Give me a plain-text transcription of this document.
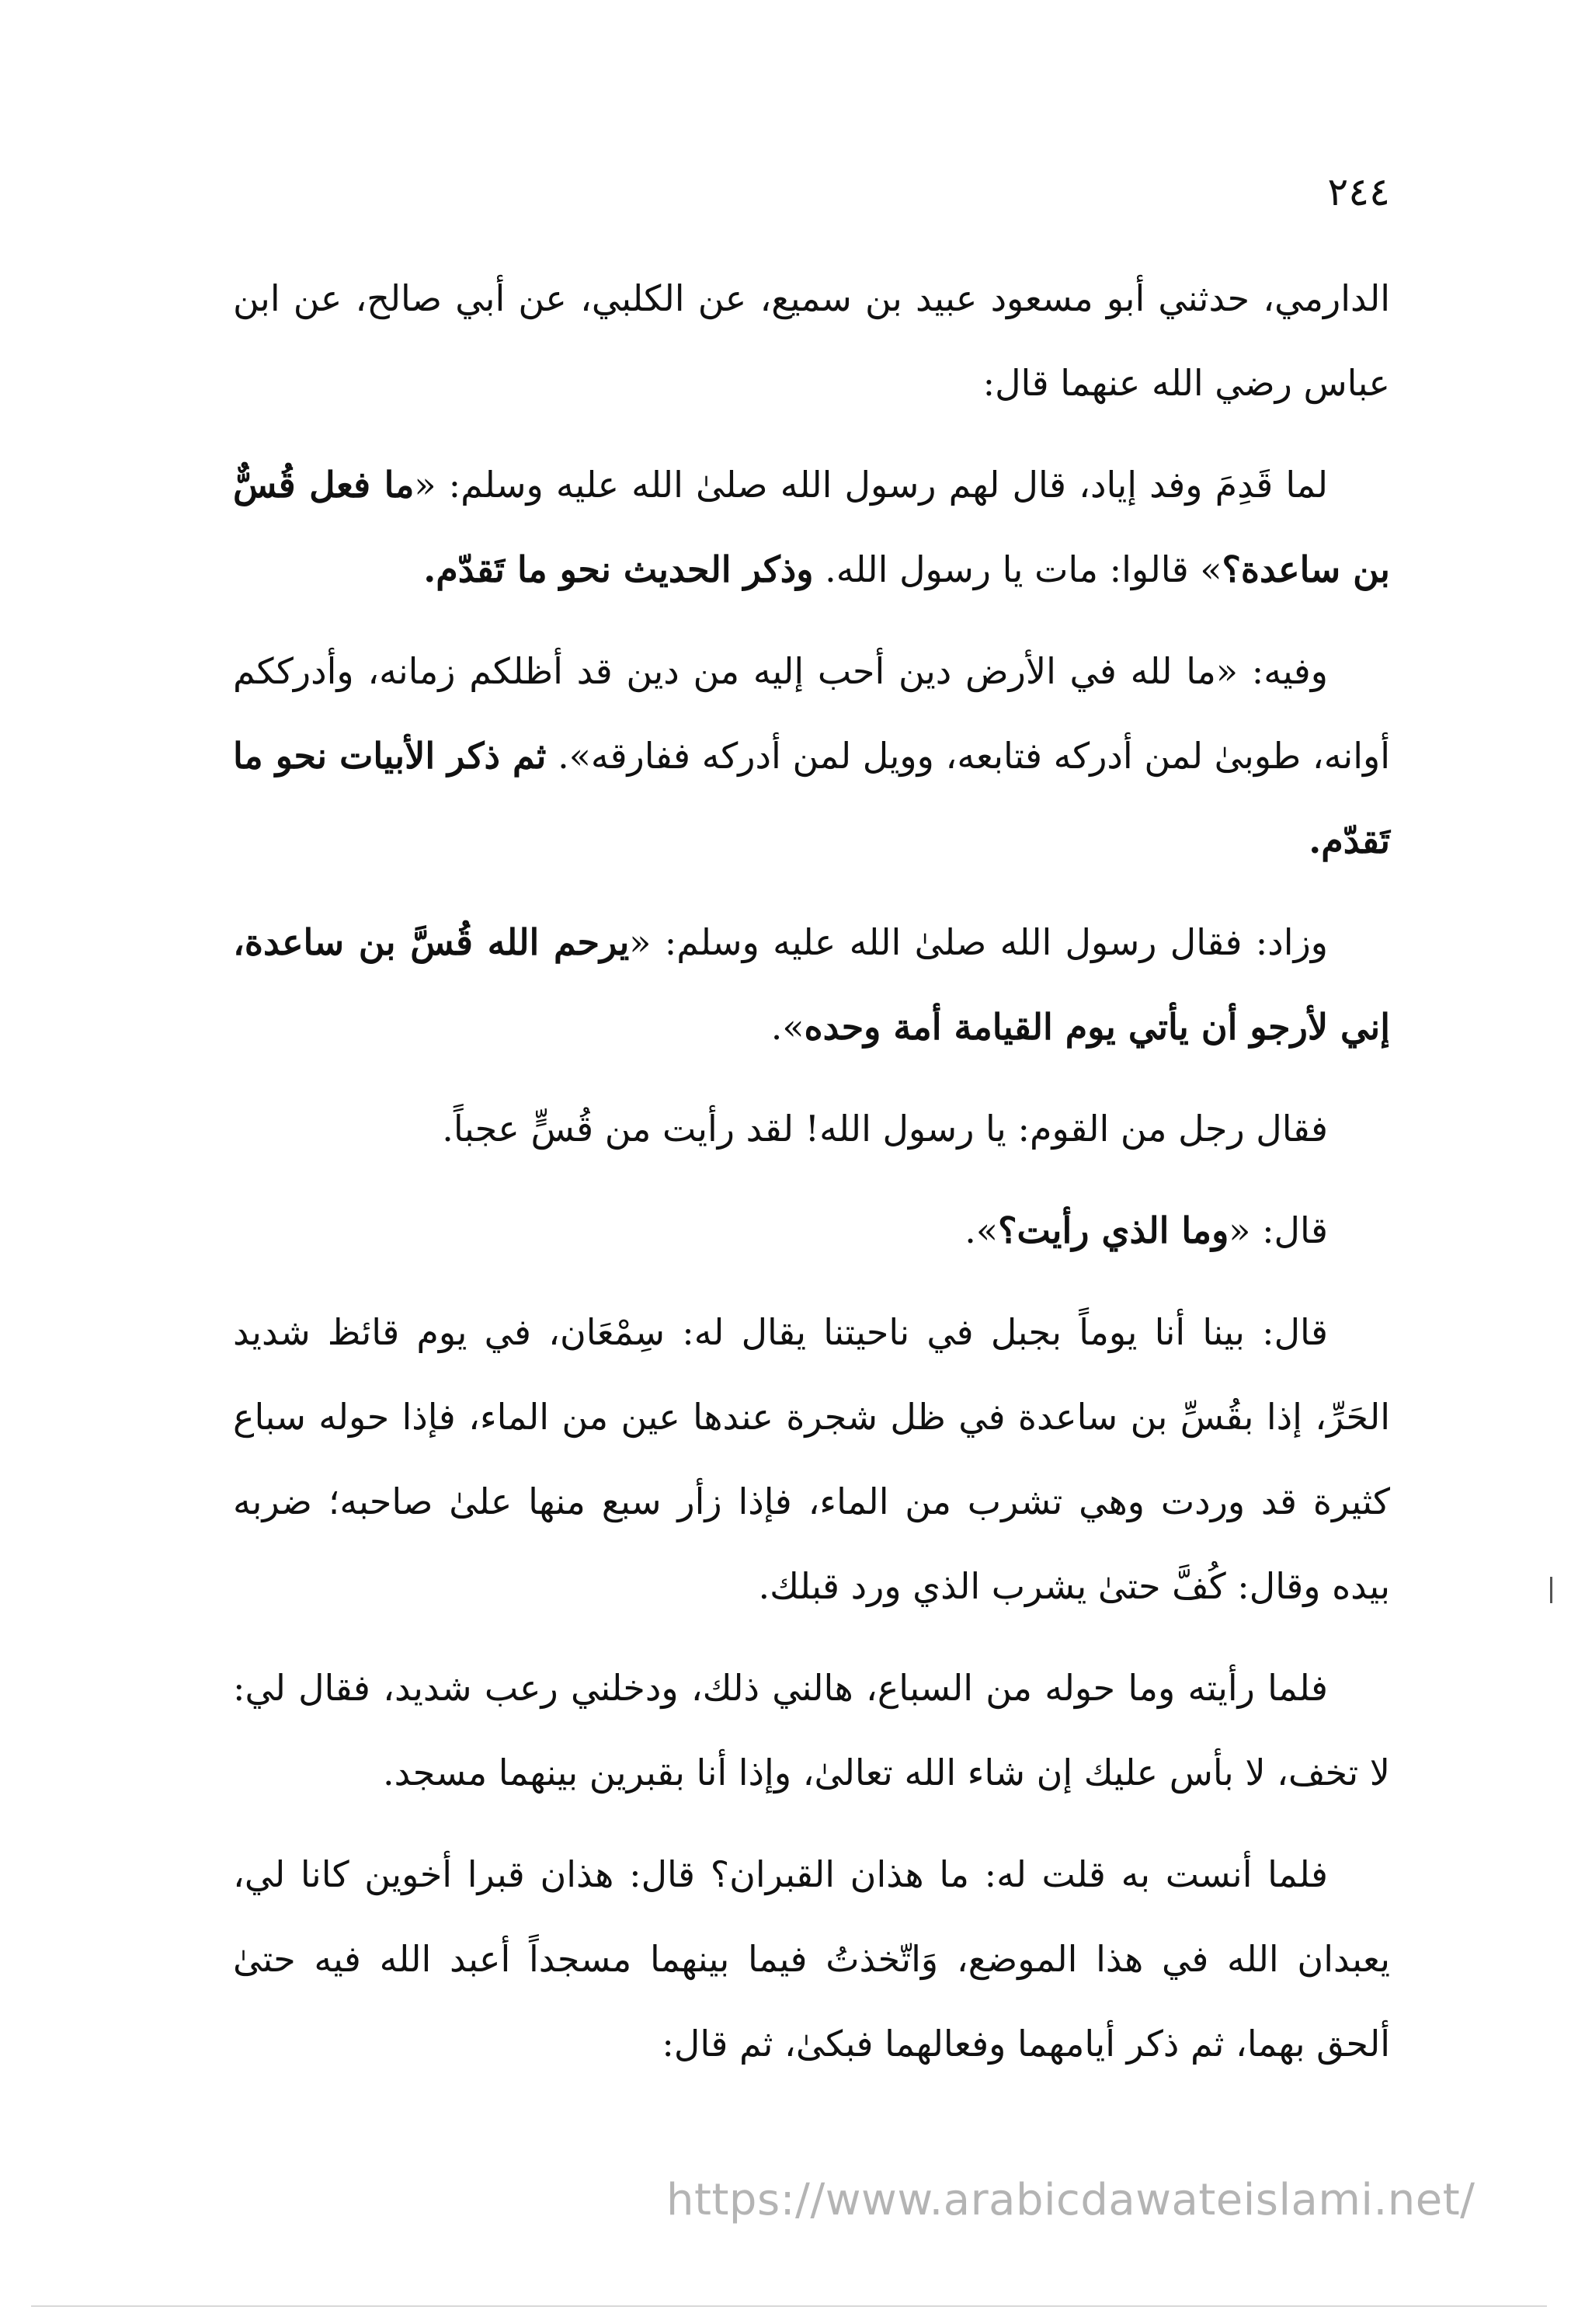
٢٤٤

الدارمي، حدثني أبو مسعود عبيد بن سميع، عن الكلبي، عن أبي صالح، عن ابن عباس رضي الله عنهما قال:

لما قَدِمَ وفد إياد، قال لهم رسول الله صلىٰ الله عليه وسلم: «ما فعل قُسٌّ بن ساعدة؟» قالوا: مات يا رسول الله. وذكر الحديث نحو ما تَقدّم.

وفيه: «ما لله في الأرض دين أحب إليه من دين قد أظلكم زمانه، وأدرككم أوانه، طوبىٰ لمن أدركه فتابعه، وويل لمن أدركه ففارقه». ثم ذكر الأبيات نحو ما تَقدّم.

وزاد: فقال رسول الله صلىٰ الله عليه وسلم: «يرحم الله قُسَّ بن ساعدة، إني لأرجو أن يأتي يوم القيامة أمة وحده».

فقال رجل من القوم: يا رسول الله! لقد رأيت من قُسٍّ عجباً.

قال: «وما الذي رأيت؟».

قال: بينا أنا يوماً بجبل في ناحيتنا يقال له: سِمْعَان، في يوم قائظ شديد الحَرِّ، إذا بقُسِّ بن ساعدة في ظل شجرة عندها عين من الماء، فإذا حوله سباع كثيرة قد وردت وهي تشرب من الماء، فإذا زأر سبع منها علىٰ صاحبه؛ ضربه بيده وقال: كُفَّ حتىٰ يشرب الذي ورد قبلك.

فلما رأيته وما حوله من السباع، هالني ذلك، ودخلني رعب شديد، فقال لي: لا تخف، لا بأس عليك إن شاء الله تعالىٰ، وإذا أنا بقبرين بينهما مسجد.

فلما أنست به قلت له: ما هذان القبران؟ قال: هذان قبرا أخوين كانا لي، يعبدان الله في هذا الموضع، وَاتّخذتُ فيما بينهما مسجداً أعبد الله فيه حتىٰ ألحق بهما، ثم ذكر أيامهما وفعالهما فبكىٰ، ثم قال:

https://www.arabicdawateislami.net/
